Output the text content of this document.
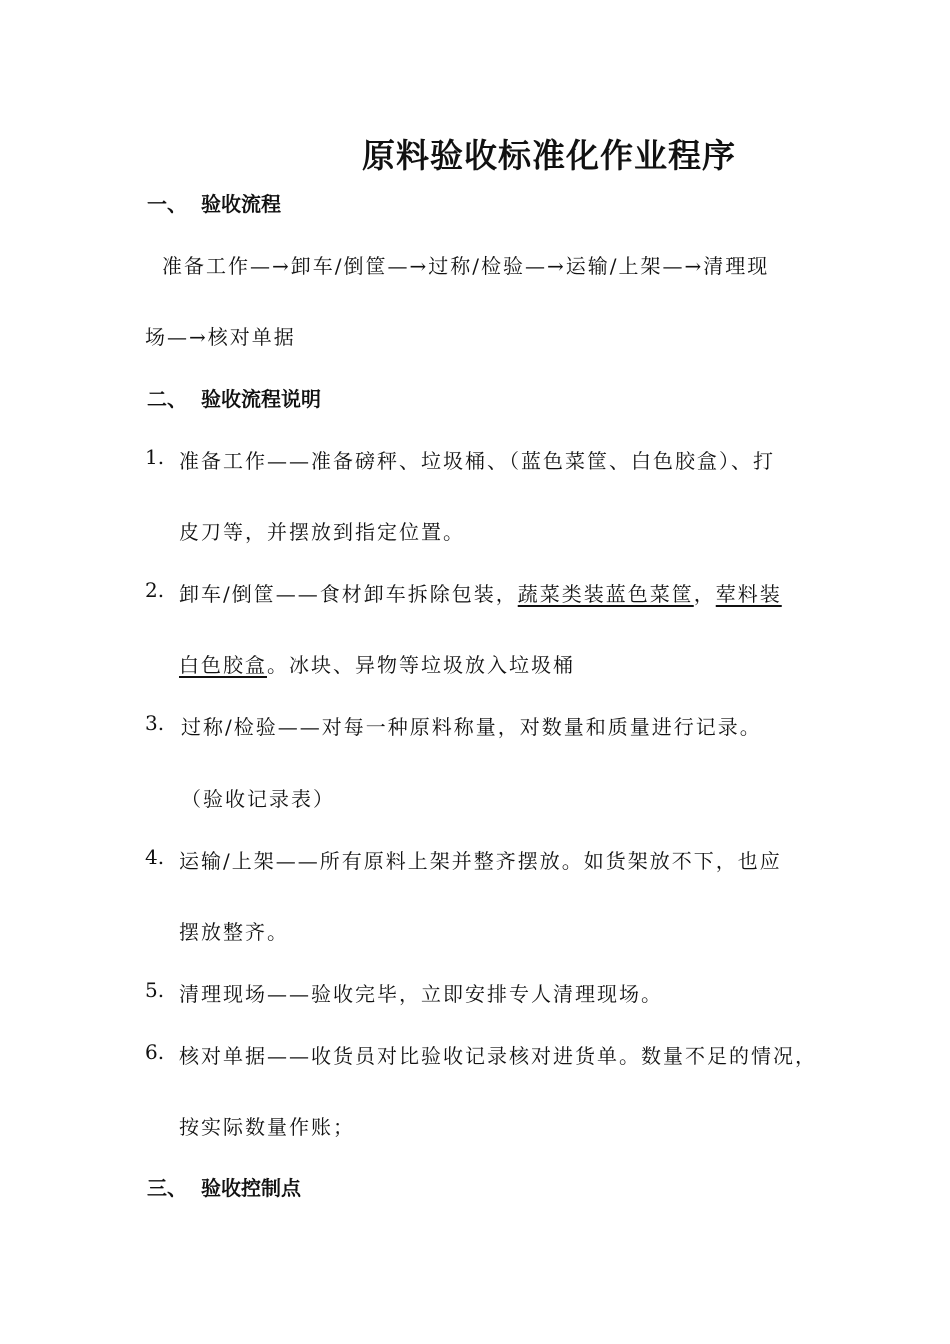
原料验收标准化作业程序
一、 验收流程
准备工作—→卸车/倒筐—→过称/检验—→运输/上架—→清理现
场—→核对单据
二、 验收流程说明
1. 准备工作——准备磅秤、垃圾桶、（蓝色菜筐、白色胶盒）、打
皮刀等，并摆放到指定位置。
2. 卸车/倒筐——食材卸车拆除包装，蔬菜类装蓝色菜筐，荤料装
白色胶盒。冰块、异物等垃圾放入垃圾桶
3. 过称/检验——对每一种原料称量，对数量和质量进行记录。
（验收记录表）
4. 运输/上架——所有原料上架并整齐摆放。如货架放不下，也应
摆放整齐。
5. 清理现场——验收完毕，立即安排专人清理现场。
6. 核对单据——收货员对比验收记录核对进货单。数量不足的情况，
按实际数量作账；
三、 验收控制点
